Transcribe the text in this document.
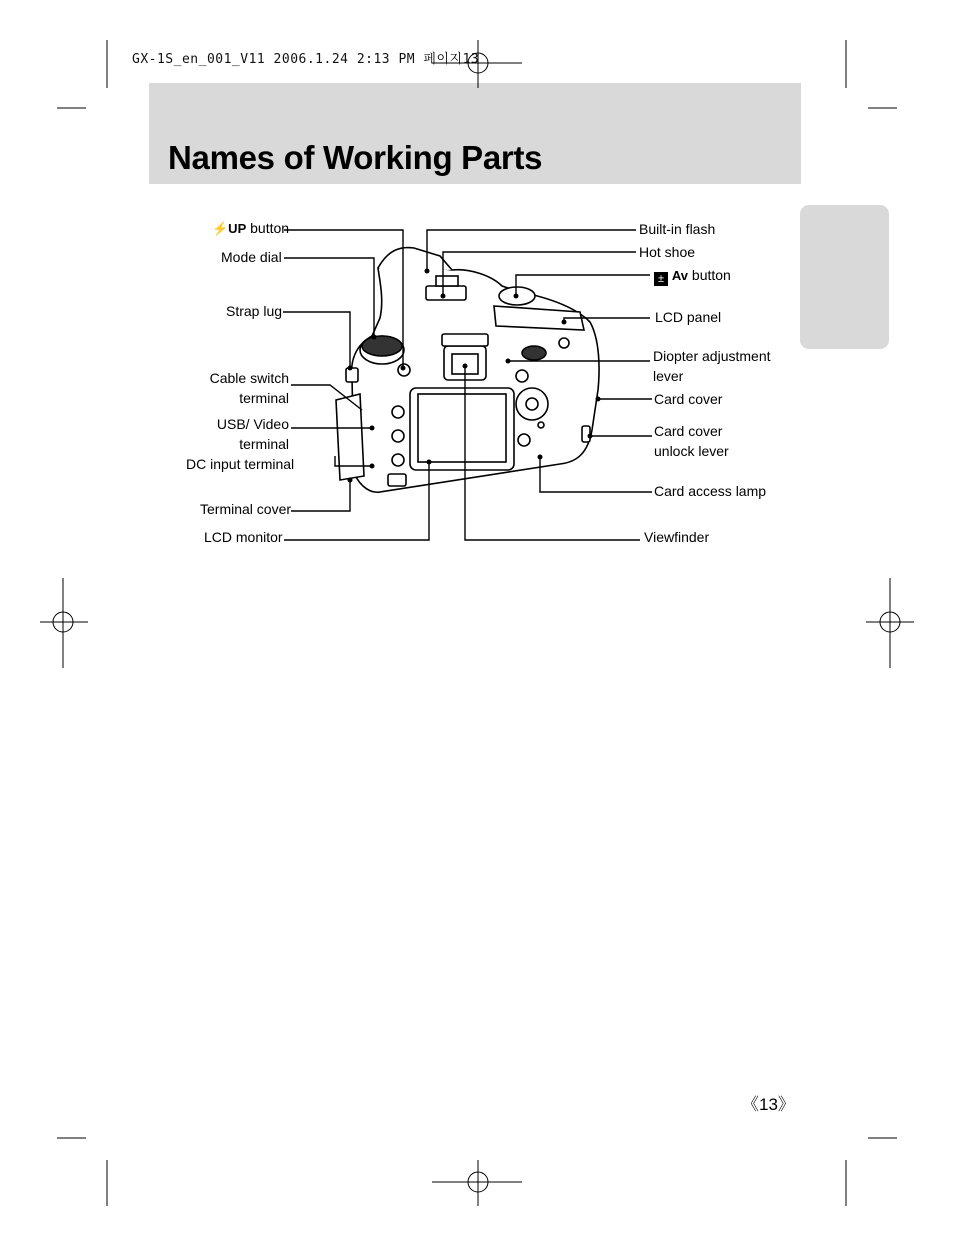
GX-1S_en_001_V11 2006.1.24 2:13 PM 페이지13
Names of Working Parts
⚡UP button
Mode dial
Strap lug
Cable switch
terminal
USB/ Video
terminal
DC input terminal
Terminal cover
LCD monitor
Built-in flash
Hot shoe
± Av button
LCD panel
Diopter adjustment
lever
Card cover
Card cover
unlock lever
Card access lamp
Viewfinder
《13》
